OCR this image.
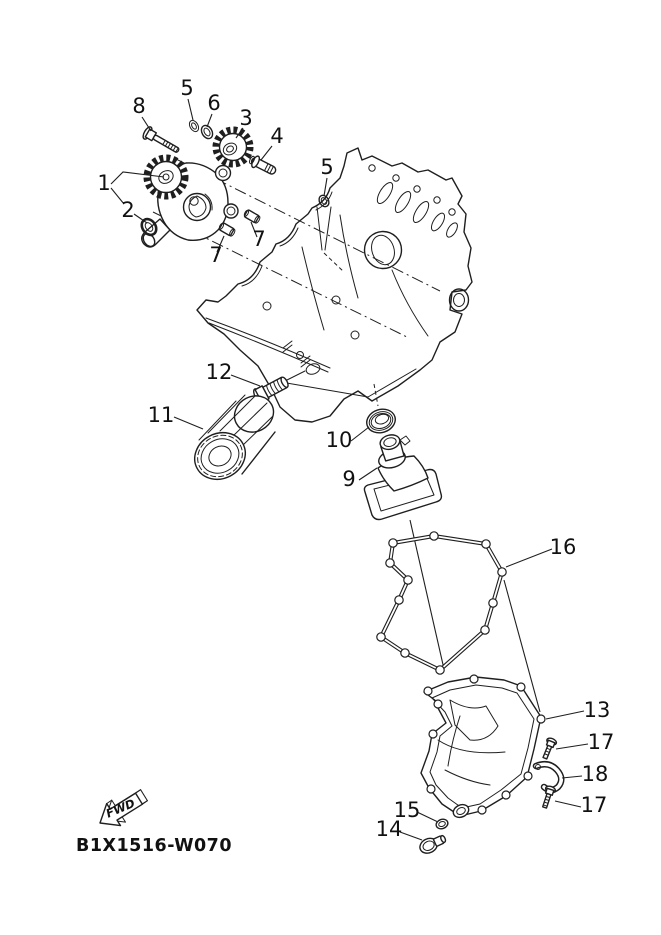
8
5
6
3
4
1
2
7
7
5
12
11
10
9
16
13
17
18
17
15
14
FWD
B1X1516-W070
